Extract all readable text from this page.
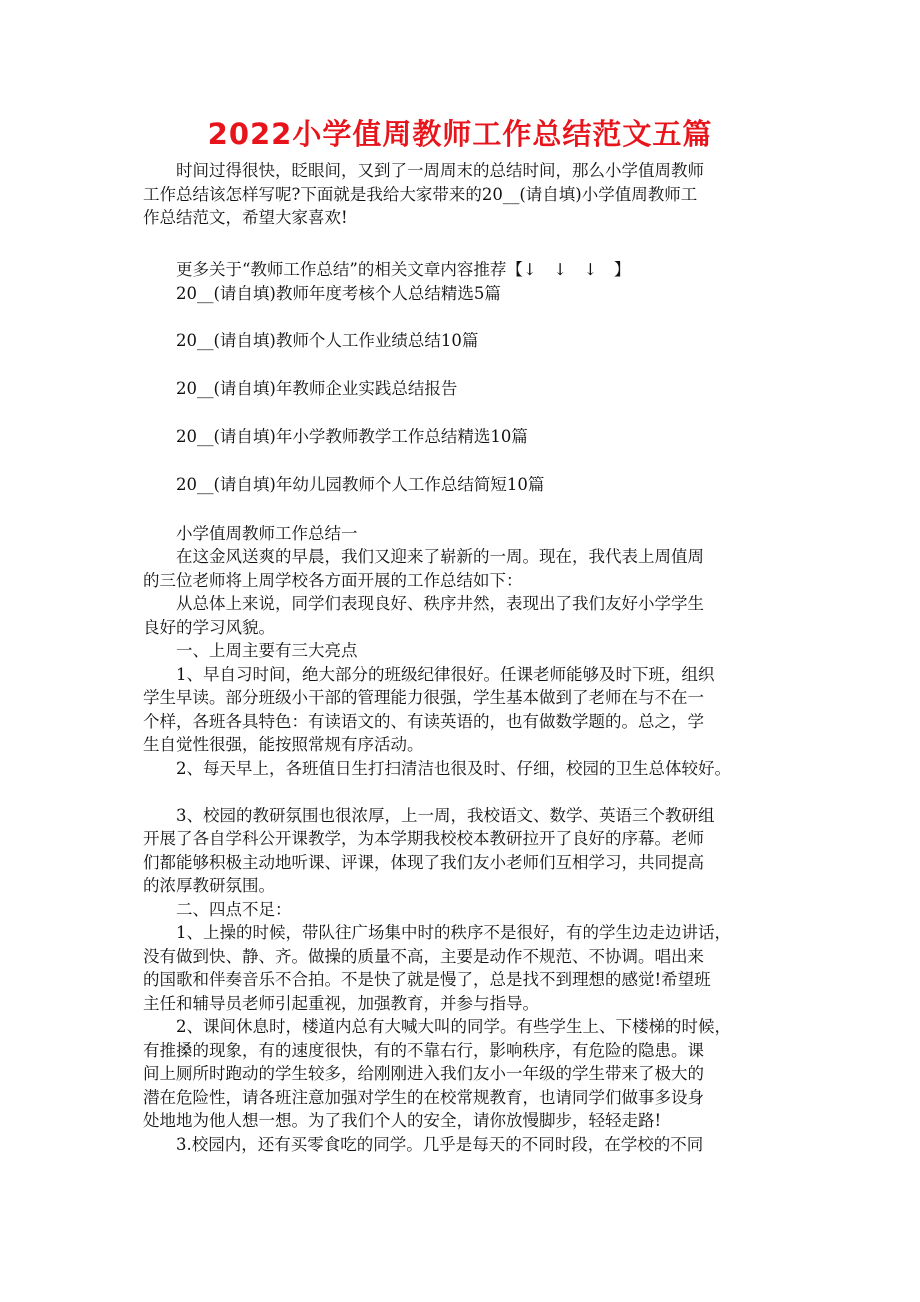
2022小学值周教师工作总结范文五篇
时间过得很快，眨眼间，又到了一周周末的总结时间，那么小学值周教师
工作总结该怎样写呢?下面就是我给大家带来的20__(请自填)小学值周教师工
作总结范文，希望大家喜欢!
更多关于“教师工作总结”的相关文章内容推荐【↓　↓　↓　】
20__(请自填)教师年度考核个人总结精选5篇
20__(请自填)教师个人工作业绩总结10篇
20__(请自填)年教师企业实践总结报告
20__(请自填)年小学教师教学工作总结精选10篇
20__(请自填)年幼儿园教师个人工作总结简短10篇
小学值周教师工作总结一
在这金风送爽的早晨，我们又迎来了崭新的一周。现在，我代表上周值周
的三位老师将上周学校各方面开展的工作总结如下：
从总体上来说，同学们表现良好、秩序井然，表现出了我们友好小学学生
良好的学习风貌。
一、上周主要有三大亮点
1、早自习时间，绝大部分的班级纪律很好。任课老师能够及时下班，组织
学生早读。部分班级小干部的管理能力很强，学生基本做到了老师在与不在一
个样，各班各具特色：有读语文的、有读英语的，也有做数学题的。总之，学
生自觉性很强，能按照常规有序活动。
2、每天早上，各班值日生打扫清洁也很及时、仔细，校园的卫生总体较好。
3、校园的教研氛围也很浓厚，上一周，我校语文、数学、英语三个教研组
开展了各自学科公开课教学，为本学期我校校本教研拉开了良好的序幕。老师
们都能够积极主动地听课、评课，体现了我们友小老师们互相学习，共同提高
的浓厚教研氛围。
二、四点不足：
1、上操的时候，带队往广场集中时的秩序不是很好，有的学生边走边讲话，
没有做到快、静、齐。做操的质量不高，主要是动作不规范、不协调。唱出来
的国歌和伴奏音乐不合拍。不是快了就是慢了，总是找不到理想的感觉!希望班
主任和辅导员老师引起重视，加强教育，并参与指导。
2、课间休息时，楼道内总有大喊大叫的同学。有些学生上、下楼梯的时候，
有推搡的现象，有的速度很快，有的不靠右行，影响秩序，有危险的隐患。课
间上厕所时跑动的学生较多，给刚刚进入我们友小一年级的学生带来了极大的
潜在危险性，请各班注意加强对学生的在校常规教育，也请同学们做事多设身
处地地为他人想一想。为了我们个人的安全，请你放慢脚步，轻轻走路!
3.校园内，还有买零食吃的同学。几乎是每天的不同时段，在学校的不同
